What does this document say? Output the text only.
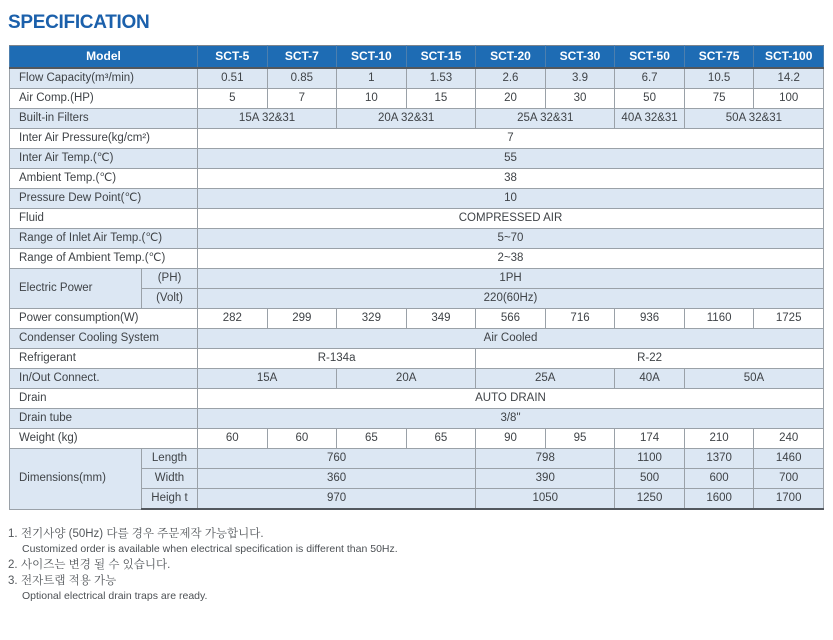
SPECIFICATION
Model		SCT-5	SCT-7	SCT-10	SCT-15	SCT-20	SCT-30	SCT-50	SCT-75	SCT-100
Flow Capacity(m³/min)		0.51	0.85	1	1.53	2.6	3.9	6.7	10.5	14.2
Air Comp.(HP)		5	7	10	15	20	30	50	75	100
Built-in Filters		15A 32&31		20A 32&31		25A 32&31		40A 32&31	50A 32&31	
Inter Air Pressure(kg/cm²)		7								
Inter Air Temp.(℃)		55								
Ambient Temp.(℃)		38								
Pressure Dew Point(℃)		10								
Fluid		COMPRESSED AIR								
Range of Inlet Air Temp.(℃)		5~70								
Range of Ambient Temp.(℃)		2~38								
Electric Power	(PH)	1PH								
	(Volt)	220(60Hz)								
Power consumption(W)		282	299	329	349	566	716	936	1160	1725
Condenser Cooling System		Air Cooled								
Refrigerant		R-134a				R-22				
In/Out Connect.		15A		20A		25A		40A	50A	
Drain		AUTO DRAIN								
Drain tube		3/8"								
Weight (kg)		60	60	65	65	90	95	174	210	240
Dimensions(mm)	Length	760				798		1100	1370	1460
	Width	360				390		500	600	700
	Heigh t	970				1050		1250	1600	1700
1. 전기사양 (50Hz) 다를 경우 주문제작 가능합니다.
Customized order is available when electrical specification is different than 50Hz.
2. 사이즈는 변경 될 수 있습니다.
3. 전자트랩 적용 가능
Optional electrical drain traps are ready.
